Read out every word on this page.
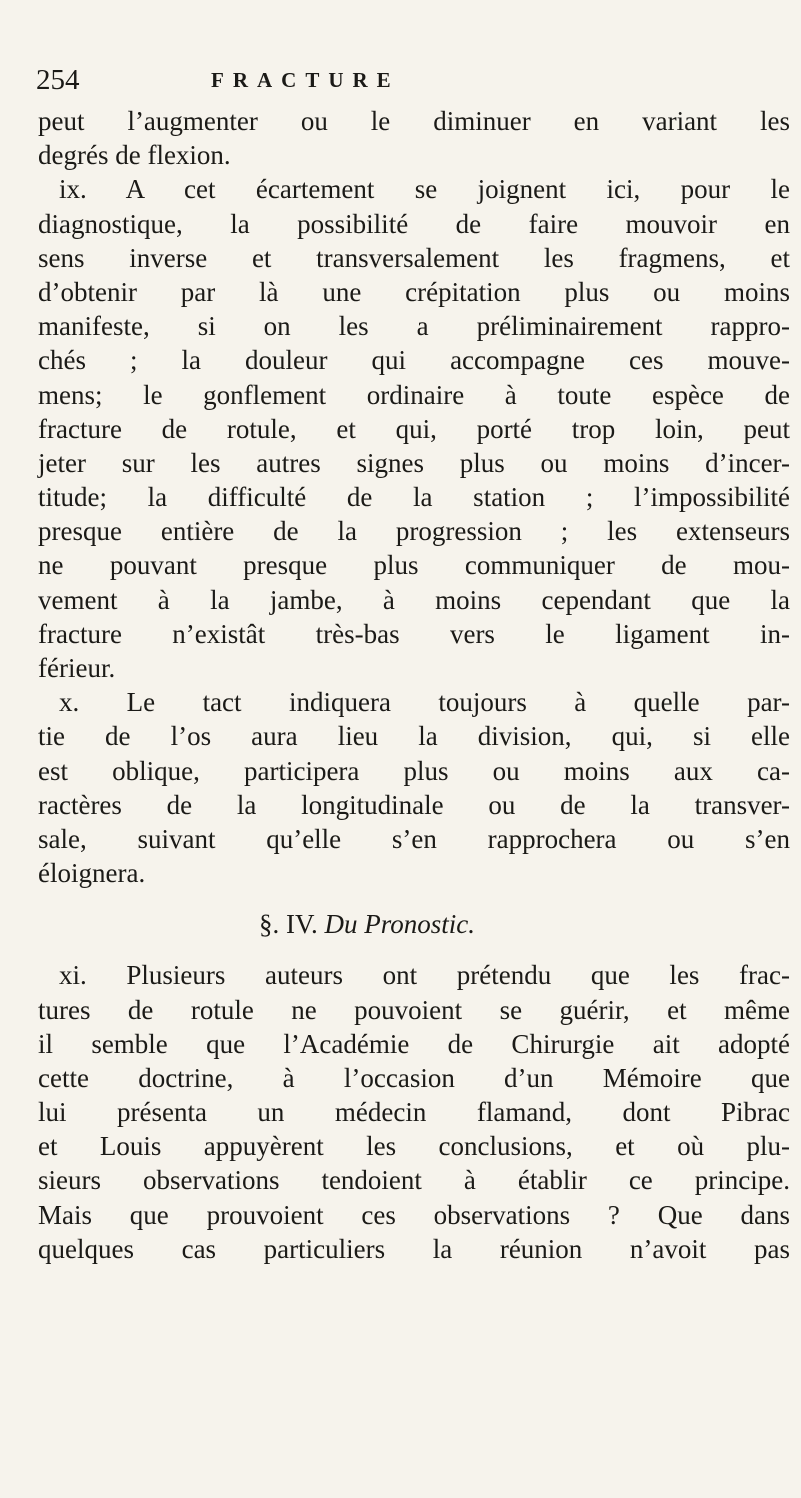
254	FRACTURE
peut l’augmenter ou le diminuer en variant les
degrés de flexion.
ix. A cet écartement se joignent ici, pour le
diagnostique, la possibilité de faire mouvoir en
sens inverse et transversalement les fragmens, et
d’obtenir par là une crépitation plus ou moins
manifeste, si on les a préliminairement rappro-
chés ; la douleur qui accompagne ces mouve-
mens; le gonflement ordinaire à toute espèce de
fracture de rotule, et qui, porté trop loin, peut
jeter sur les autres signes plus ou moins d’incer-
titude; la difficulté de la station ; l’impossibilité
presque entière de la progression ; les extenseurs
ne pouvant presque plus communiquer de mou-
vement à la jambe, à moins cependant que la
fracture n’existât très-bas vers le ligament in-
férieur.
x. Le tact indiquera toujours à quelle par-
tie de l’os aura lieu la division, qui, si elle
est oblique, participera plus ou moins aux ca-
ractères de la longitudinale ou de la transver-
sale, suivant qu’elle s’en rapprochera ou s’en
éloignera.
§. IV. Du Pronostic.
xi. Plusieurs auteurs ont prétendu que les frac-
tures de rotule ne pouvoient se guérir, et même
il semble que l’Académie de Chirurgie ait adopté
cette doctrine, à l’occasion d’un Mémoire que
lui présenta un médecin flamand, dont Pibrac
et Louis appuyèrent les conclusions, et où plu-
sieurs observations tendoient à établir ce principe.
Mais que prouvoient ces observations ? Que dans
quelques cas particuliers la réunion n’avoit pas
